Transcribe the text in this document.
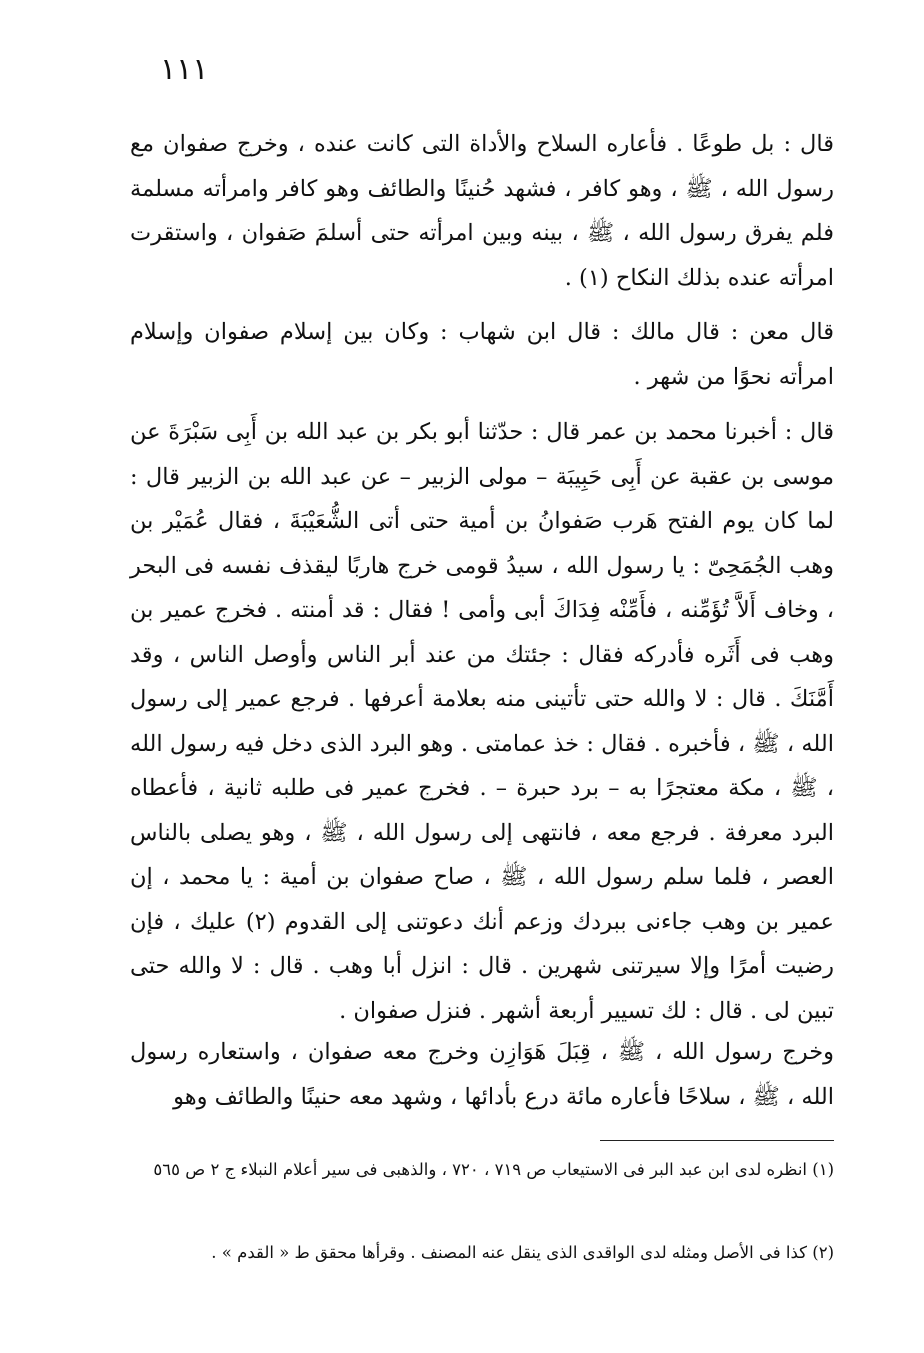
١١١

قال : بل طوعًا . فأعاره السلاح والأداة التى كانت عنده ، وخرج صفوان مع رسول الله ، ﷺ ، وهو كافر ، فشهد حُنينًا والطائف وهو كافر وامرأته مسلمة فلم يفرق رسول الله ، ﷺ ، بينه وبين امرأته حتى أسلمَ صَفوان ، واستقرت امرأته عنده بذلك النكاح (١) .

قال معن : قال مالك : قال ابن شهاب : وكان بين إسلام صفوان وإسلام امرأته نحوًا من شهر .

قال : أخبرنا محمد بن عمر قال : حدّثنا أبو بكر بن عبد الله بن أَبِى سَبْرَةَ عن موسى بن عقبة عن أَبِى حَبِيبَة – مولى الزبير – عن عبد الله بن الزبير قال : لما كان يوم الفتح هَرب صَفوانُ بن أمية حتى أتى الشُّعَيْبَةَ ، فقال عُمَيْر بن وهب الجُمَحِىّ : يا رسول الله ، سيدُ قومى خرج هاربًا ليقذف نفسه فى البحر ، وخاف أَلاَّ تُؤَمِّنه ، فأَمِّنْه فِدَاكَ أبى وأمى ! فقال : قد أمنته . فخرج عمير بن وهب فى أَثَره فأدركه فقال : جئتك من عند أبر الناس وأوصل الناس ، وقد أَمَّنَكَ . قال : لا والله حتى تأتينى منه بعلامة أعرفها . فرجع عمير إلى رسول الله ، ﷺ ، فأخبره . فقال : خذ عمامتى . وهو البرد الذى دخل فيه رسول الله ، ﷺ ، مكة معتجرًا به – برد حبرة – . فخرج عمير فى طلبه ثانية ، فأعطاه البرد معرفة . فرجع معه ، فانتهى إلى رسول الله ، ﷺ ، وهو يصلى بالناس العصر ، فلما سلم رسول الله ، ﷺ ، صاح صفوان بن أمية : يا محمد ، إن عمير بن وهب جاءنى ببردك وزعم أنك دعوتنى إلى القدوم (٢) عليك ، فإن رضيت أمرًا وإلا سيرتنى شهرين . قال : انزل أبا وهب . قال : لا والله حتى تبين لى . قال : لك تسيير أربعة أشهر . فنزل صفوان .

وخرج رسول الله ، ﷺ ، قِبَلَ هَوَازِن وخرج معه صفوان ، واستعاره رسول الله ، ﷺ ، سلاحًا فأعاره مائة درع بأدائها ، وشهد معه حنينًا والطائف وهو

(١) انظره لدى ابن عبد البر فى الاستيعاب ص ٧١٩ ، ٧٢٠ ، والذهبى فى سير أعلام النبلاء ج ٢ ص ٥٦٥

(٢) كذا فى الأصل ومثله لدى الواقدى الذى ينقل عنه المصنف . وقرأها محقق ط « القدم » .
